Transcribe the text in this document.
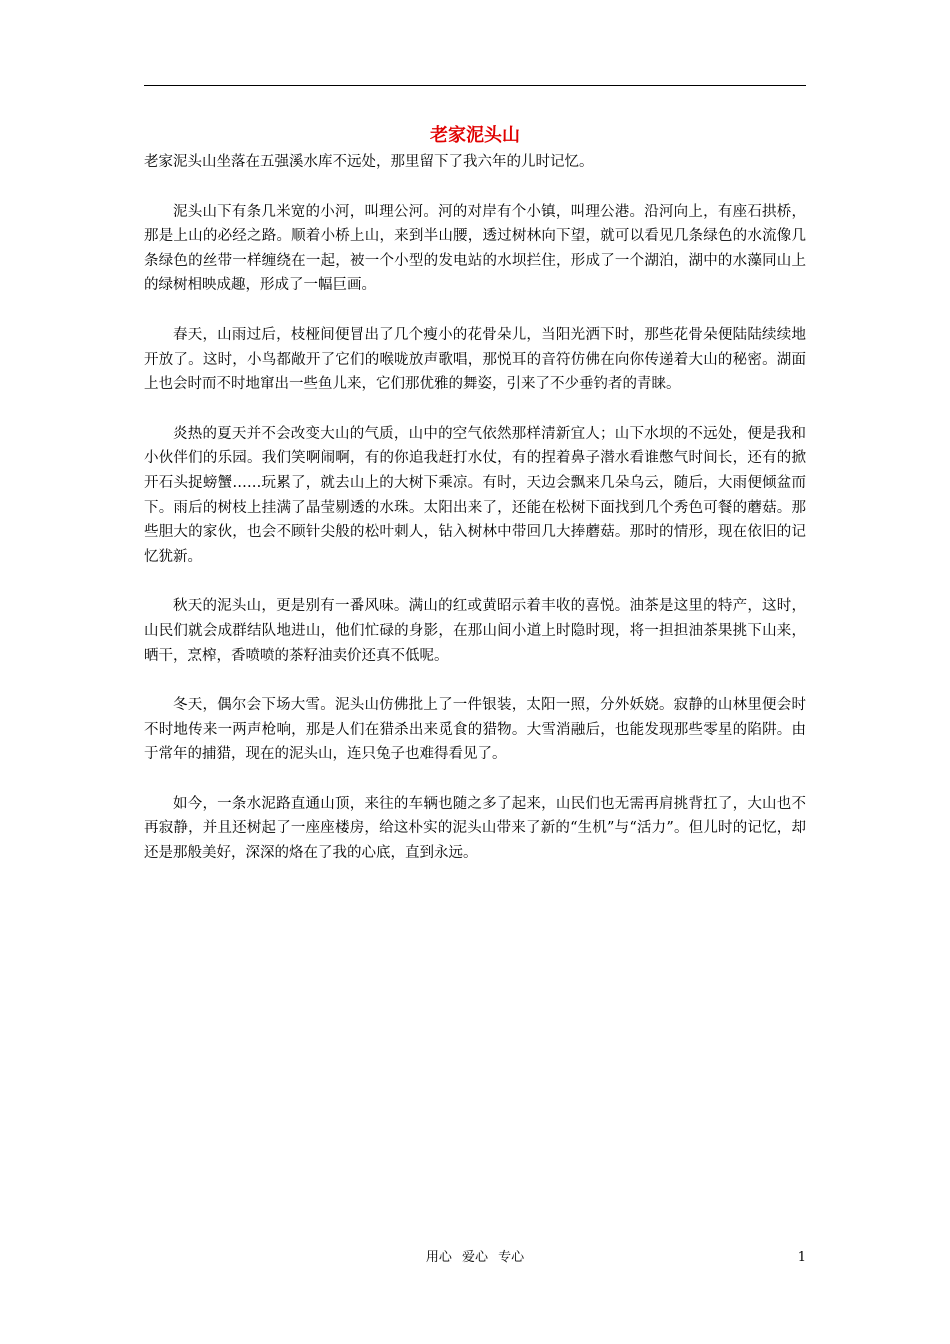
老家泥头山

老家泥头山坐落在五强溪水库不远处，那里留下了我六年的儿时记忆。

泥头山下有条几米宽的小河，叫理公河。河的对岸有个小镇，叫理公港。沿河向上，有座石拱桥，那是上山的必经之路。顺着小桥上山，来到半山腰，透过树林向下望，就可以看见几条绿色的水流像几条绿色的丝带一样缠绕在一起，被一个小型的发电站的水坝拦住，形成了一个湖泊，湖中的水藻同山上的绿树相映成趣，形成了一幅巨画。

春天，山雨过后，枝桠间便冒出了几个瘦小的花骨朵儿，当阳光洒下时，那些花骨朵便陆陆续续地开放了。这时，小鸟都敞开了它们的喉咙放声歌唱，那悦耳的音符仿佛在向你传递着大山的秘密。湖面上也会时而不时地窜出一些鱼儿来，它们那优雅的舞姿，引来了不少垂钓者的青睐。

炎热的夏天并不会改变大山的气质，山中的空气依然那样清新宜人；山下水坝的不远处，便是我和小伙伴们的乐园。我们笑啊闹啊，有的你追我赶打水仗，有的捏着鼻子潜水看谁憋气时间长，还有的掀开石头捉螃蟹……玩累了，就去山上的大树下乘凉。有时，天边会飘来几朵乌云，随后，大雨便倾盆而下。雨后的树枝上挂满了晶莹剔透的水珠。太阳出来了，还能在松树下面找到几个秀色可餐的蘑菇。那些胆大的家伙，也会不顾针尖般的松叶刺人，钻入树林中带回几大捧蘑菇。那时的情形，现在依旧的记忆犹新。

秋天的泥头山，更是别有一番风味。满山的红或黄昭示着丰收的喜悦。油茶是这里的特产，这时，山民们就会成群结队地进山，他们忙碌的身影，在那山间小道上时隐时现，将一担担油茶果挑下山来，晒干，烹榨，香喷喷的茶籽油卖价还真不低呢。

冬天，偶尔会下场大雪。泥头山仿佛批上了一件银装，太阳一照，分外妖娆。寂静的山林里便会时不时地传来一两声枪响，那是人们在猎杀出来觅食的猎物。大雪消融后，也能发现那些零星的陷阱。由于常年的捕猎，现在的泥头山，连只兔子也难得看见了。

如今，一条水泥路直通山顶，来往的车辆也随之多了起来，山民们也无需再肩挑背扛了，大山也不再寂静，并且还树起了一座座楼房，给这朴实的泥头山带来了新的“生机”与“活力”。但儿时的记忆，却还是那般美好，深深的烙在了我的心底，直到永远。

用心 爱心 专心	1
